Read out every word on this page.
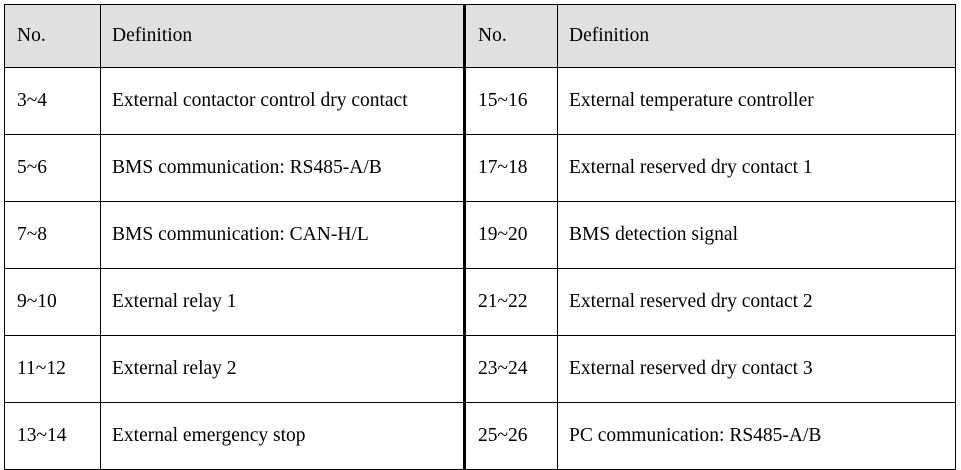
No.	Definition	No.	Definition
3~4	External contactor control dry contact	15~16	External temperature controller
5~6	BMS communication: RS485-A/B	17~18	External reserved dry contact 1
7~8	BMS communication: CAN-H/L	19~20	BMS detection signal
9~10	External relay 1	21~22	External reserved dry contact 2
11~12	External relay 2	23~24	External reserved dry contact 3
13~14	External emergency stop	25~26	PC communication: RS485-A/B
